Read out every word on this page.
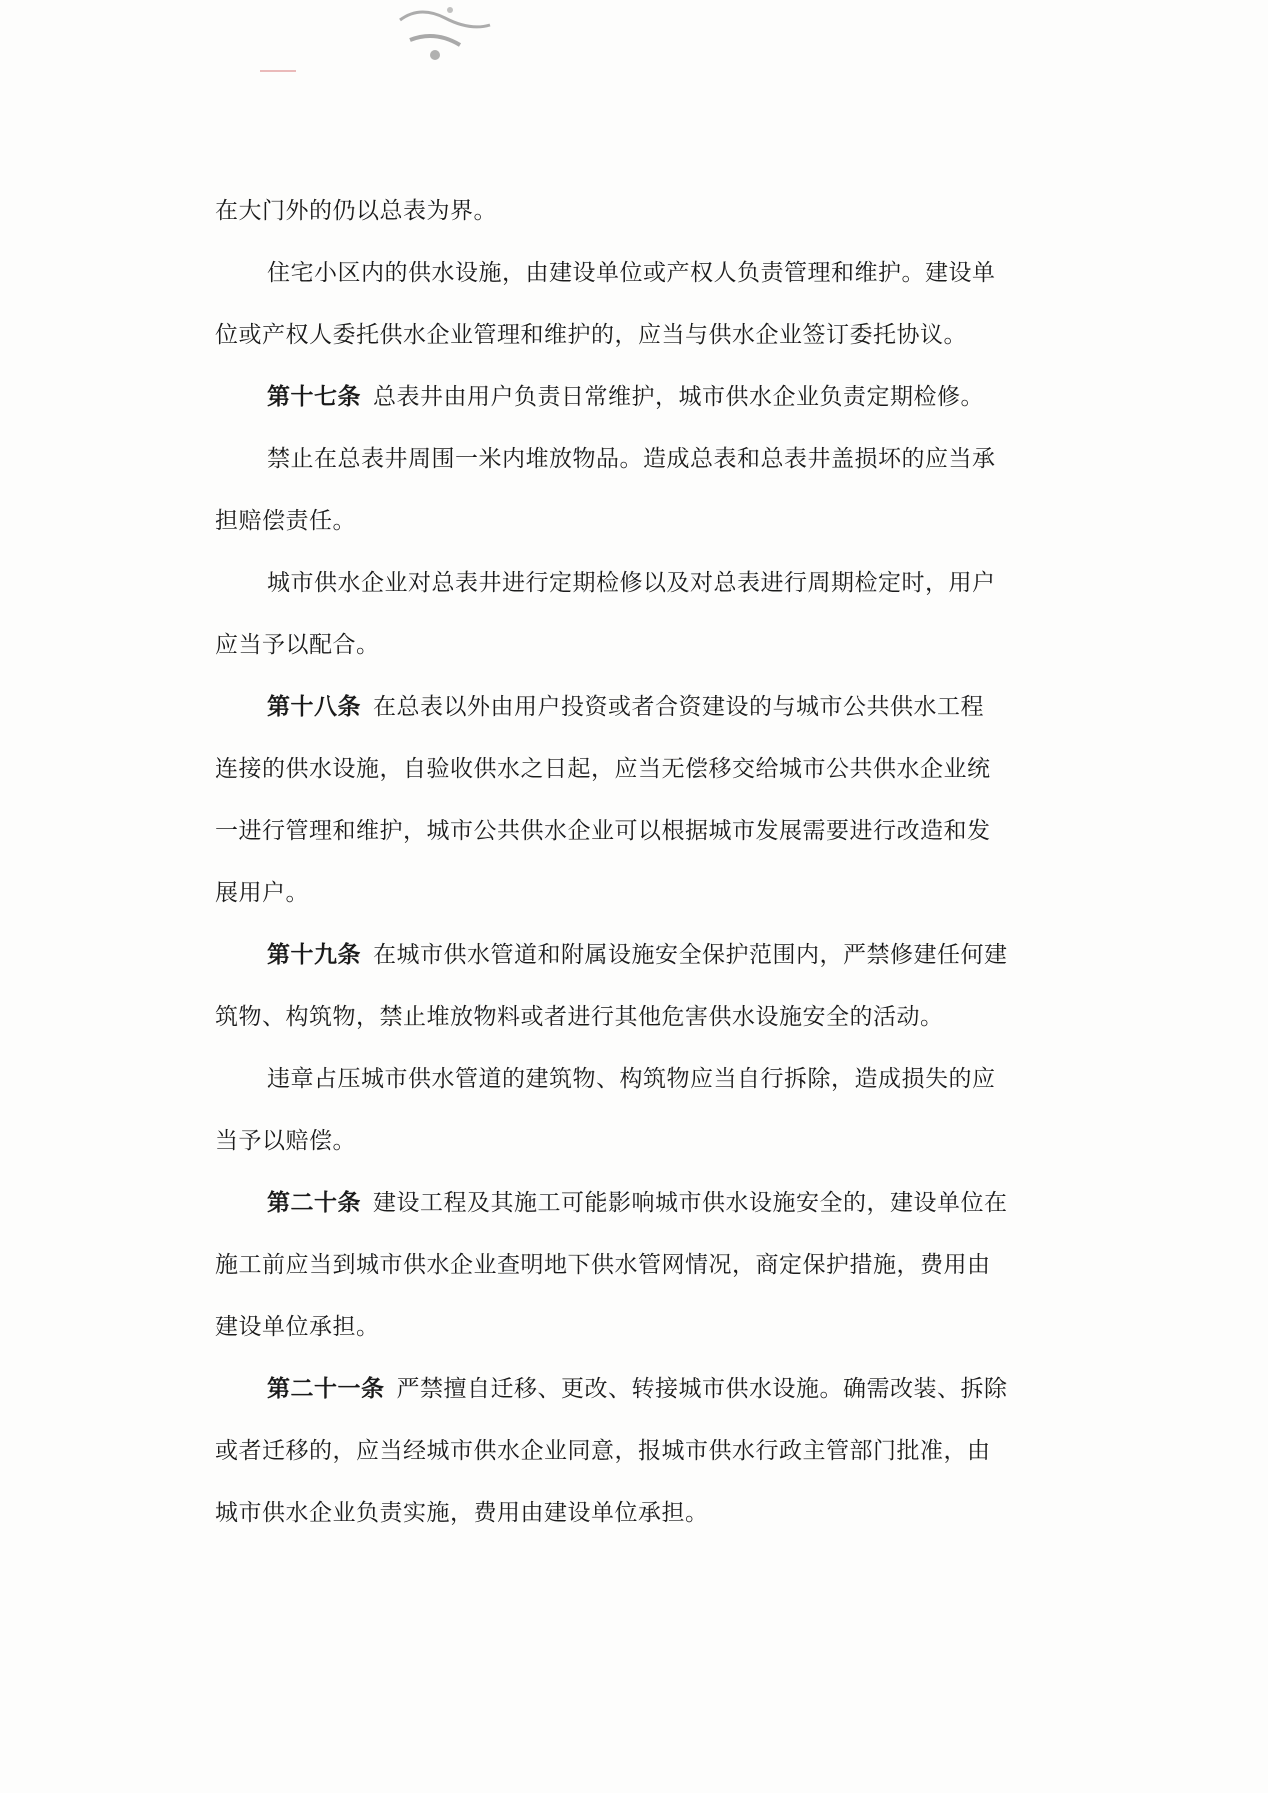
在大门外的仍以总表为界。
住宅小区内的供水设施，由建设单位或产权人负责管理和维护。建设单
位或产权人委托供水企业管理和维护的，应当与供水企业签订委托协议。
第十七条 总表井由用户负责日常维护，城市供水企业负责定期检修。
禁止在总表井周围一米内堆放物品。造成总表和总表井盖损坏的应当承
担赔偿责任。
城市供水企业对总表井进行定期检修以及对总表进行周期检定时，用户
应当予以配合。
第十八条 在总表以外由用户投资或者合资建设的与城市公共供水工程
连接的供水设施，自验收供水之日起，应当无偿移交给城市公共供水企业统
一进行管理和维护，城市公共供水企业可以根据城市发展需要进行改造和发
展用户。
第十九条 在城市供水管道和附属设施安全保护范围内，严禁修建任何建
筑物、构筑物，禁止堆放物料或者进行其他危害供水设施安全的活动。
违章占压城市供水管道的建筑物、构筑物应当自行拆除，造成损失的应
当予以赔偿。
第二十条 建设工程及其施工可能影响城市供水设施安全的，建设单位在
施工前应当到城市供水企业查明地下供水管网情况，商定保护措施，费用由
建设单位承担。
第二十一条 严禁擅自迁移、更改、转接城市供水设施。确需改装、拆除
或者迁移的，应当经城市供水企业同意，报城市供水行政主管部门批准，由
城市供水企业负责实施，费用由建设单位承担。
